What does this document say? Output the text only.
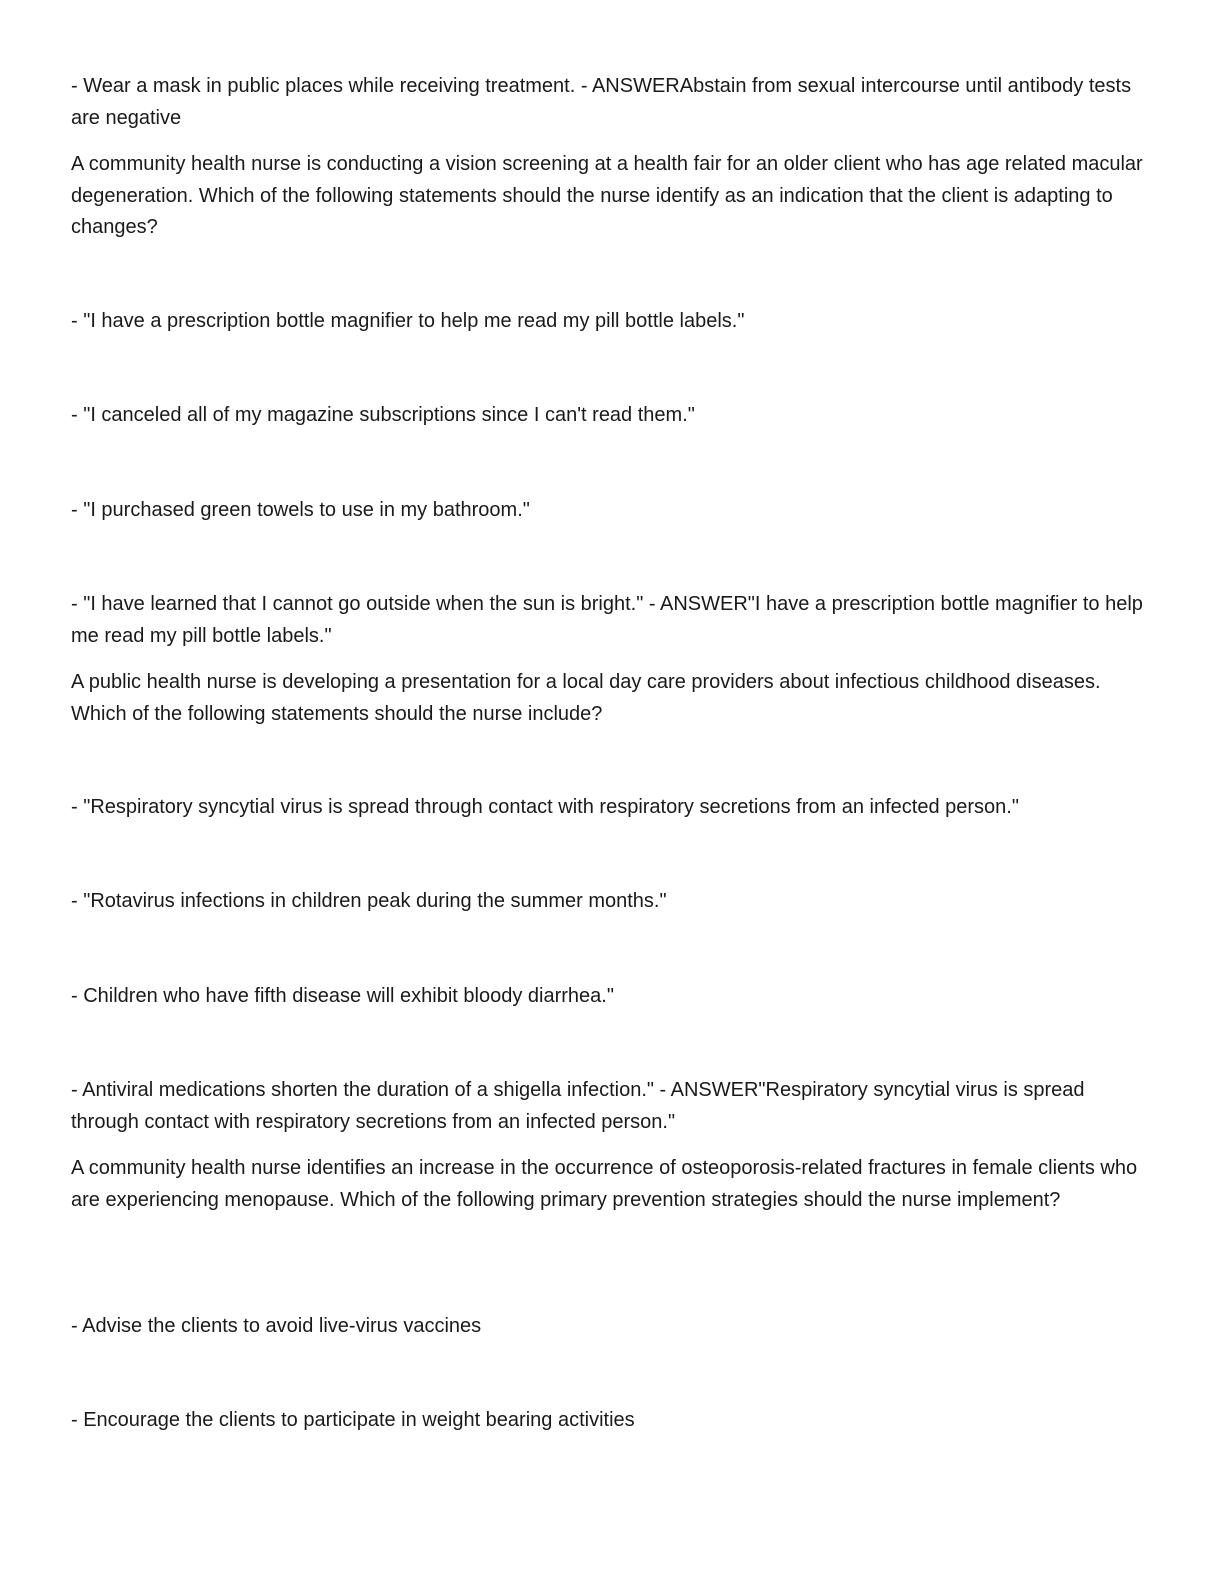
- Wear a mask in public places while receiving treatment. - ANSWERAbstain from sexual intercourse until antibody tests are negative

A community health nurse is conducting a vision screening at a health fair for an older client who has age related macular degeneration. Which of the following statements should the nurse identify as an indication that the client is adapting to changes?

- "I have a prescription bottle magnifier to help me read my pill bottle labels."

- "I canceled all of my magazine subscriptions since I can't read them."

- "I purchased green towels to use in my bathroom."

- "I have learned that I cannot go outside when the sun is bright." - ANSWER"I have a prescription bottle magnifier to help me read my pill bottle labels."

A public health nurse is developing a presentation for a local day care providers about infectious childhood diseases. Which of the following statements should the nurse include?

- "Respiratory syncytial virus is spread through contact with respiratory secretions from an infected person."

- "Rotavirus infections in children peak during the summer months."

- Children who have fifth disease will exhibit bloody diarrhea."

- Antiviral medications shorten the duration of a shigella infection." - ANSWER"Respiratory syncytial virus is spread through contact with respiratory secretions from an infected person."

A community health nurse identifies an increase in the occurrence of osteoporosis-related fractures in female clients who are experiencing menopause. Which of the following primary prevention strategies should the nurse implement?

- Advise the clients to avoid live-virus vaccines

- Encourage the clients to participate in weight bearing activities
